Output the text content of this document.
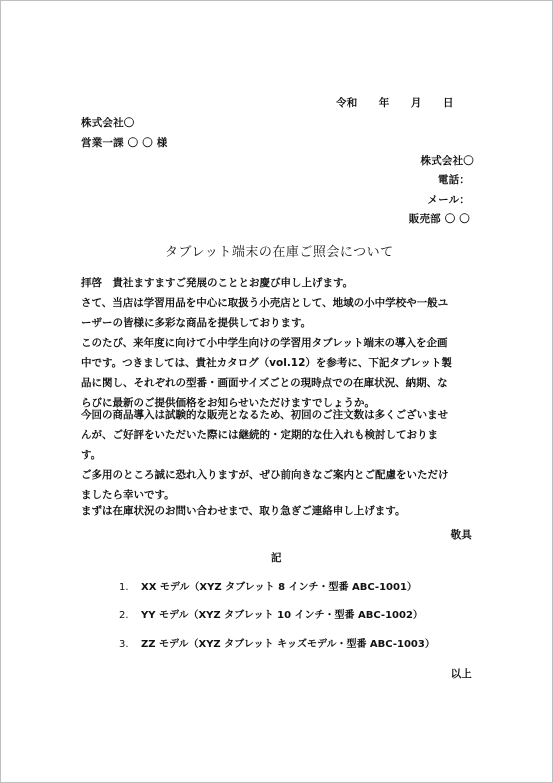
令和　　年　　月　　日
株式会社〇
営業一課 〇 〇 様
株式会社〇
電話：
メール：
販売部 〇 〇
タブレット端末の在庫ご照会について
拝啓　貴社ますますご発展のこととお慶び申し上げます。
さて、当店は学習用品を中心に取扱う小売店として、地域の小中学校や一般ユ
ーザーの皆様に多彩な商品を提供しております。
このたび、来年度に向けて小中学生向けの学習用タブレット端末の導入を企画
中です。つきましては、貴社カタログ（vol.12）を参考に、下記タブレット製
品に関し、それぞれの型番・画面サイズごとの現時点での在庫状況、納期、な
らびに最新のご提供価格をお知らせいただけますでしょうか。
今回の商品導入は試験的な販売となるため、初回のご注文数は多くございませ
んが、ご好評をいただいた際には継続的・定期的な仕入れも検討しておりま
す。
ご多用のところ誠に恐れ入りますが、ぜひ前向きなご案内とご配慮をいただけ
ましたら幸いです。
まずは在庫状況のお問い合わせまで、取り急ぎご連絡申し上げます。
敬具
記
1. XX モデル（XYZ タブレット 8 インチ・型番 ABC-1001）
2. YY モデル（XYZ タブレット 10 インチ・型番 ABC-1002）
3. ZZ モデル（XYZ タブレット キッズモデル・型番 ABC-1003）
以上
